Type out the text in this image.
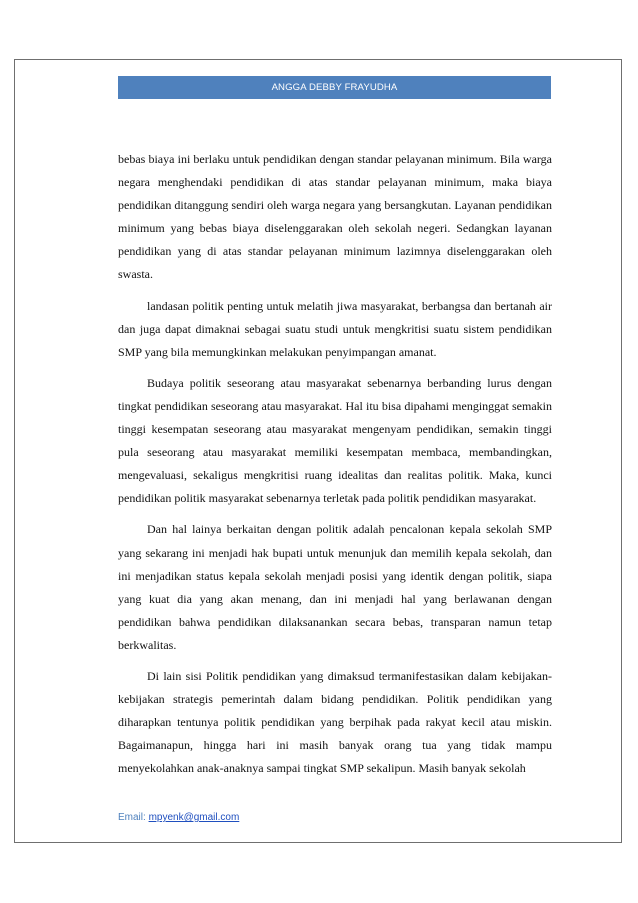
ANGGA DEBBY FRAYUDHA

bebas biaya ini berlaku untuk pendidikan dengan standar pelayanan minimum. Bila warga negara menghendaki pendidikan di atas standar pelayanan minimum, maka biaya pendidikan ditanggung sendiri oleh warga negara yang bersangkutan. Layanan pendidikan minimum yang bebas biaya diselenggarakan oleh sekolah negeri. Sedangkan layanan pendidikan yang di atas standar pelayanan minimum lazimnya diselenggarakan oleh swasta.

landasan politik penting untuk melatih jiwa masyarakat, berbangsa dan bertanah air dan juga dapat dimaknai sebagai suatu studi untuk mengkritisi suatu sistem pendidikan SMP yang bila memungkinkan melakukan penyimpangan amanat.

Budaya politik seseorang atau masyarakat sebenarnya berbanding lurus dengan tingkat pendidikan seseorang atau masyarakat. Hal itu bisa dipahami menginggat semakin tinggi kesempatan seseorang atau masyarakat mengenyam pendidikan, semakin tinggi pula seseorang atau masyarakat memiliki kesempatan membaca, membandingkan, mengevaluasi, sekaligus mengkritisi ruang idealitas dan realitas politik. Maka, kunci pendidikan politik masyarakat sebenarnya terletak pada politik pendidikan masyarakat.

Dan hal lainya berkaitan dengan politik adalah pencalonan kepala sekolah SMP yang sekarang ini menjadi hak bupati untuk menunjuk dan memilih kepala sekolah, dan ini menjadikan status kepala sekolah menjadi posisi yang identik dengan politik, siapa yang kuat dia yang akan menang, dan ini menjadi hal yang berlawanan dengan pendidikan bahwa pendidikan dilaksanankan secara bebas, transparan namun tetap berkwalitas.

Di lain sisi Politik pendidikan yang dimaksud termanifestasikan dalam kebijakan-kebijakan strategis pemerintah dalam bidang pendidikan. Politik pendidikan yang diharapkan tentunya politik pendidikan yang berpihak pada rakyat kecil atau miskin. Bagaimanapun, hingga hari ini masih banyak orang tua yang tidak mampu menyekolahkan anak-anaknya sampai tingkat SMP sekalipun. Masih banyak sekolah

Email: mpyenk@gmail.com
